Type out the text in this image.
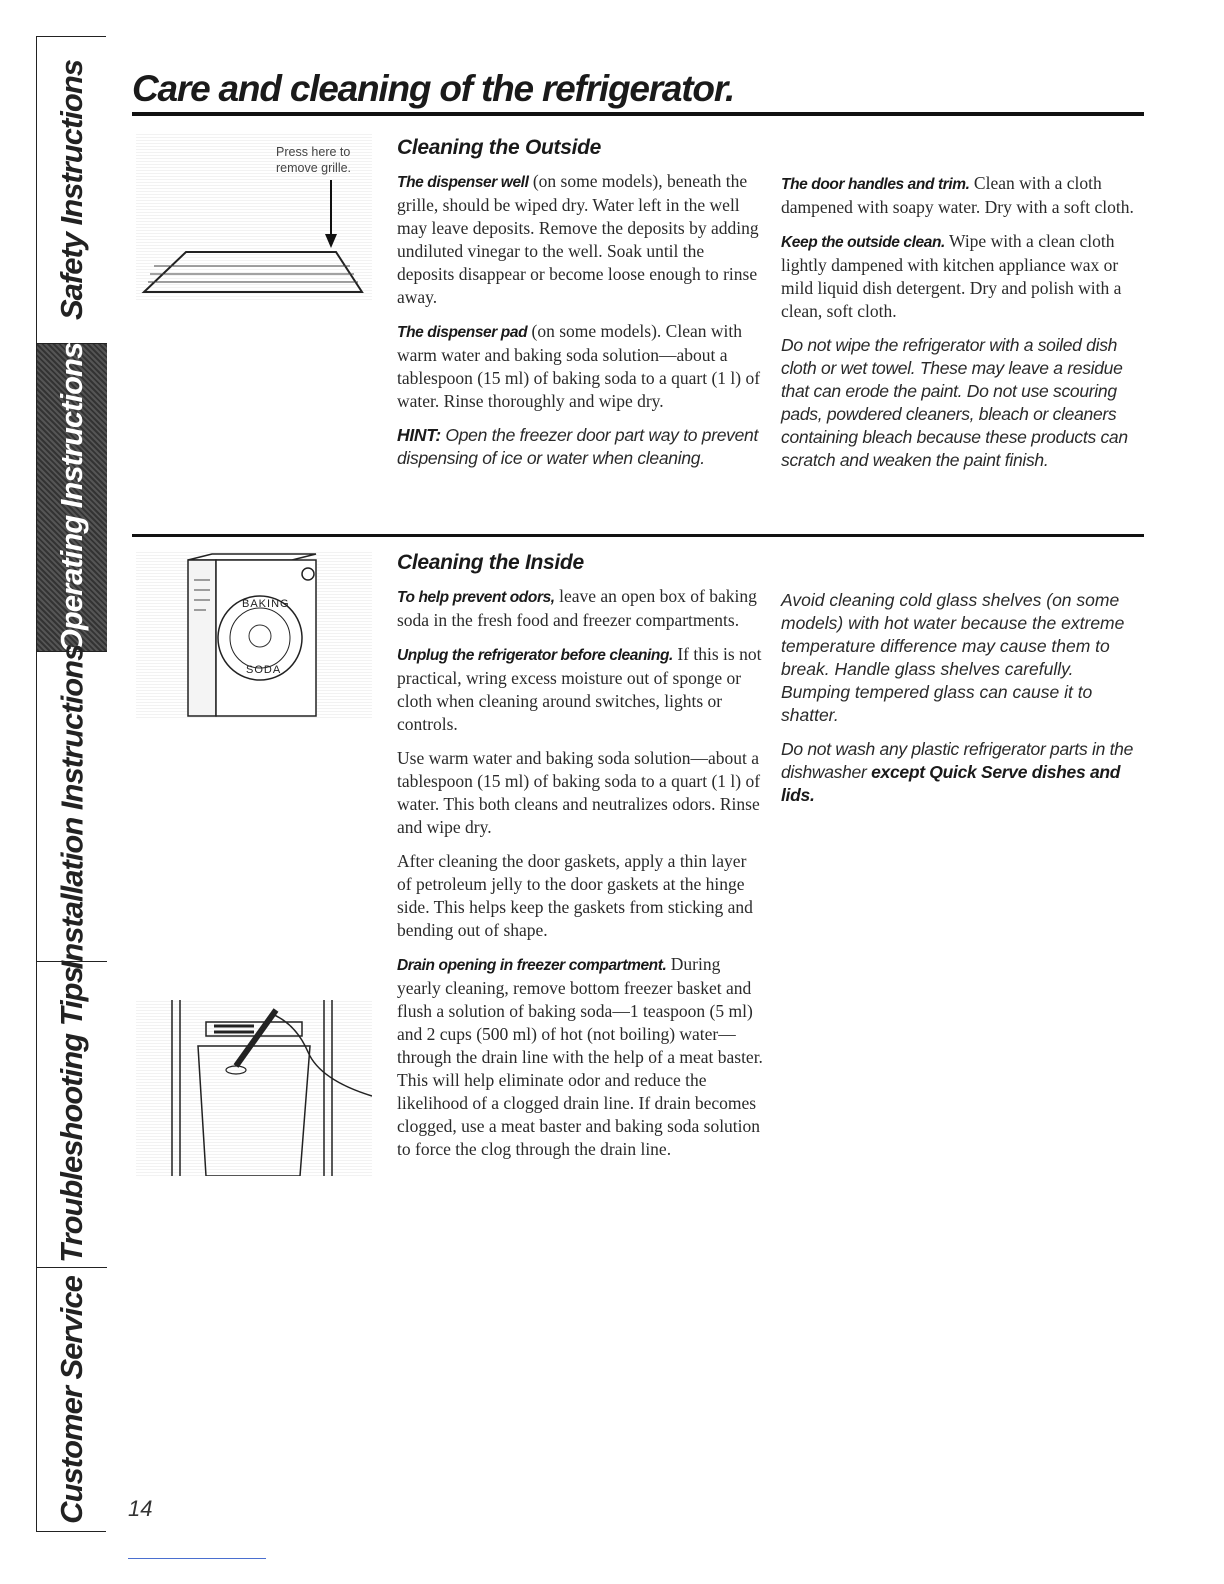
Safety Instructions
Operating Instructions
Installation Instructions
Troubleshooting Tips
Customer Service
Care and cleaning of the refrigerator.
Press here to
remove grille.
Cleaning the Outside

The dispenser well (on some models), beneath the grille, should be wiped dry. Water left in the well may leave deposits. Remove the deposits by adding undiluted vinegar to the well. Soak until the deposits disappear or become loose enough to rinse away.

The dispenser pad (on some models). Clean with warm water and baking soda solution—about a tablespoon (15 ml) of baking soda to a quart (1 l) of water. Rinse thoroughly and wipe dry.

HINT: Open the freezer door part way to prevent dispensing of ice or water when cleaning.

The door handles and trim. Clean with a cloth dampened with soapy water. Dry with a soft cloth.

Keep the outside clean. Wipe with a clean cloth lightly dampened with kitchen appliance wax or mild liquid dish detergent. Dry and polish with a clean, soft cloth.

Do not wipe the refrigerator with a soiled dish cloth or wet towel. These may leave a residue that can erode the paint. Do not use scouring pads, powdered cleaners, bleach or cleaners containing bleach because these products can scratch and weaken the paint finish.

BAKING
SODA
Cleaning the Inside

To help prevent odors, leave an open box of baking soda in the fresh food and freezer compartments.

Unplug the refrigerator before cleaning. If this is not practical, wring excess moisture out of sponge or cloth when cleaning around switches, lights or controls.

Use warm water and baking soda solution—about a tablespoon (15 ml) of baking soda to a quart (1 l) of water. This both cleans and neutralizes odors. Rinse and wipe dry.

After cleaning the door gaskets, apply a thin layer of petroleum jelly to the door gaskets at the hinge side. This helps keep the gaskets from sticking and bending out of shape.

Drain opening in freezer compartment. During yearly cleaning, remove bottom freezer basket and flush a solution of baking soda—1 teaspoon (5 ml) and 2 cups (500 ml) of hot (not boiling) water—through the drain line with the help of a meat baster. This will help eliminate odor and reduce the likelihood of a clogged drain line. If drain becomes clogged, use a meat baster and baking soda solution to force the clog through the drain line.

Avoid cleaning cold glass shelves (on some models) with hot water because the extreme temperature difference may cause them to break. Handle glass shelves carefully. Bumping tempered glass can cause it to shatter.

Do not wash any plastic refrigerator parts in the dishwasher except Quick Serve dishes and lids.

14
